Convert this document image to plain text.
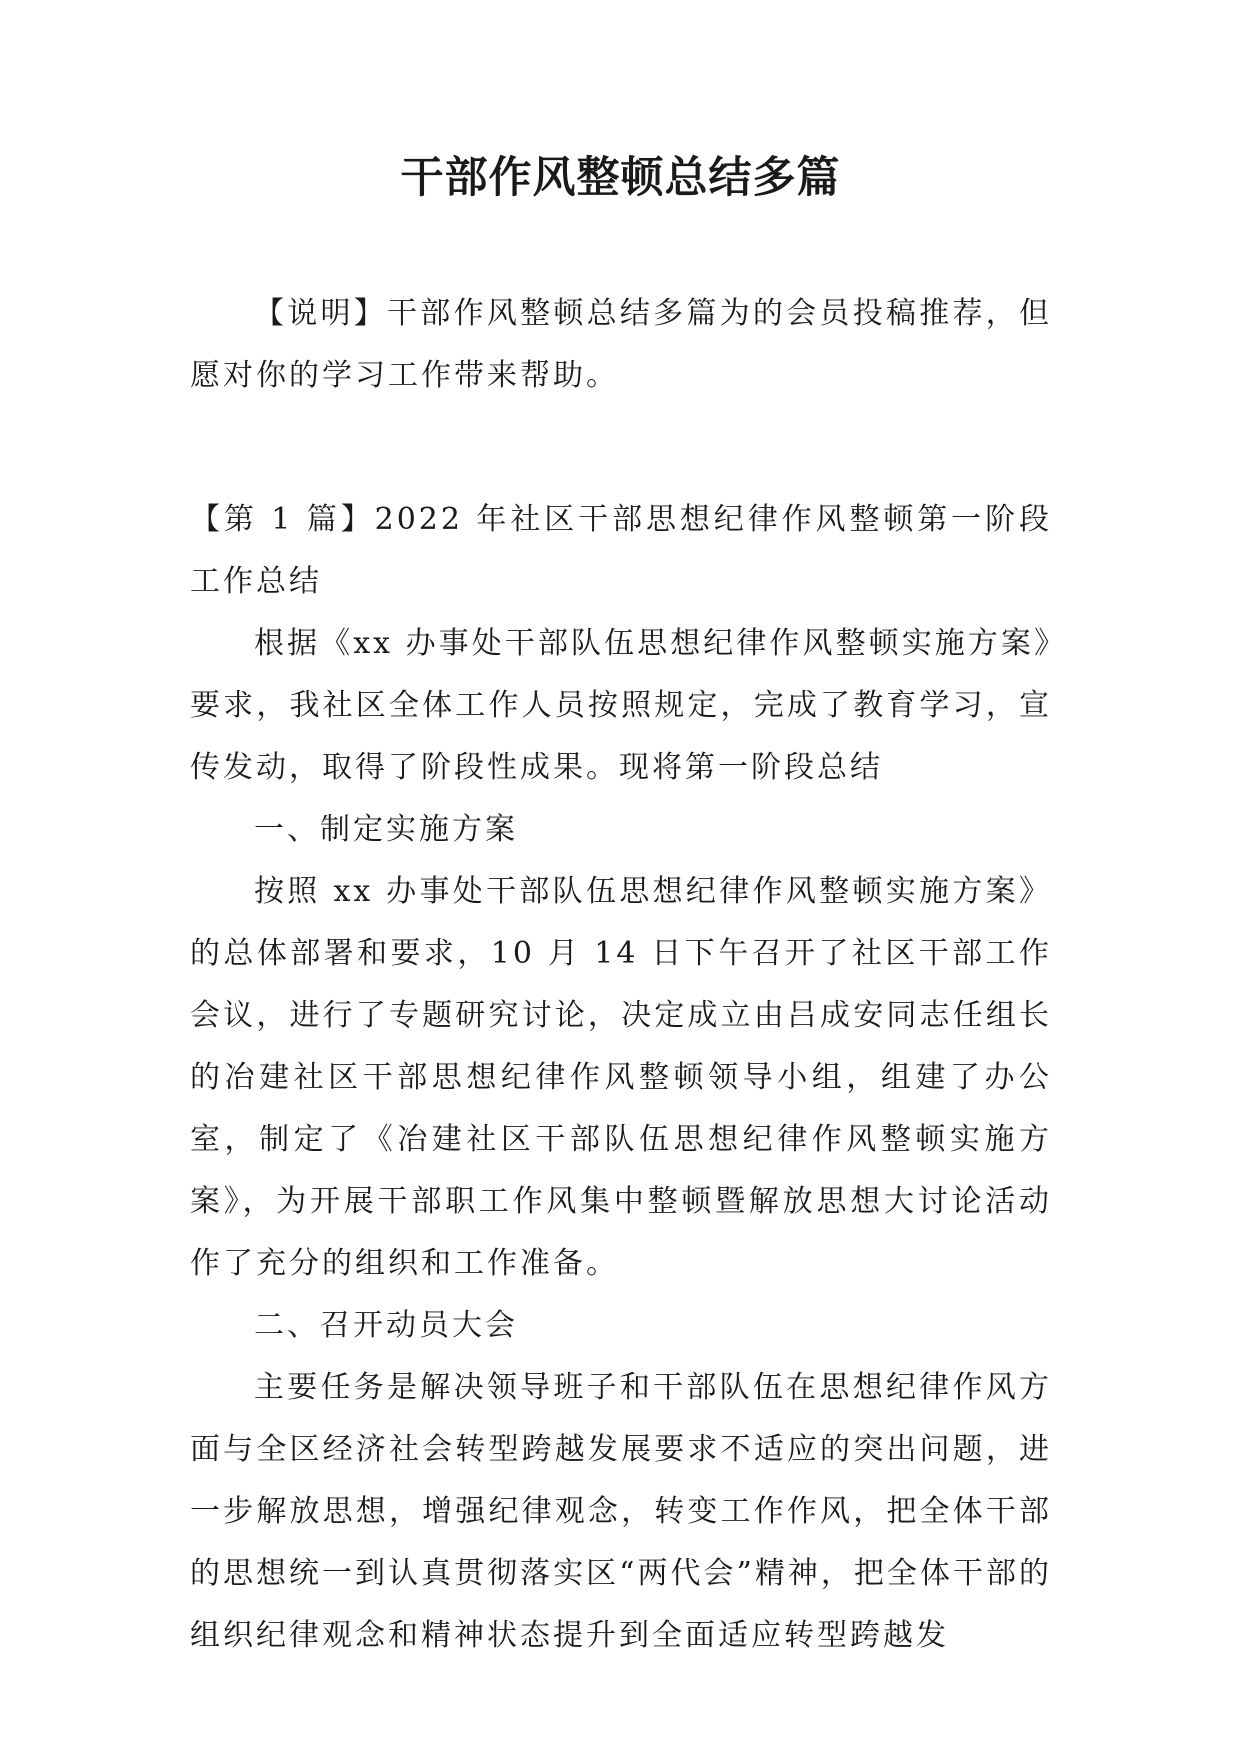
干部作风整顿总结多篇

【说明】干部作风整顿总结多篇为的会员投稿推荐，但愿对你的学习工作带来帮助。

【第 1 篇】2022 年社区干部思想纪律作风整顿第一阶段工作总结

根据《xx 办事处干部队伍思想纪律作风整顿实施方案》要求，我社区全体工作人员按照规定，完成了教育学习，宣传发动，取得了阶段性成果。现将第一阶段总结

一、制定实施方案

按照 xx 办事处干部队伍思想纪律作风整顿实施方案》的总体部署和要求，10 月 14 日下午召开了社区干部工作会议，进行了专题研究讨论，决定成立由吕成安同志任组长的冶建社区干部思想纪律作风整顿领导小组，组建了办公室，制定了《冶建社区干部队伍思想纪律作风整顿实施方案》，为开展干部职工作风集中整顿暨解放思想大讨论活动作了充分的组织和工作准备。

二、召开动员大会

主要任务是解决领导班子和干部队伍在思想纪律作风方面与全区经济社会转型跨越发展要求不适应的突出问题，进一步解放思想，增强纪律观念，转变工作作风，把全体干部的思想统一到认真贯彻落实区“两代会”精神，把全体干部的组织纪律观念和精神状态提升到全面适应转型跨越发
